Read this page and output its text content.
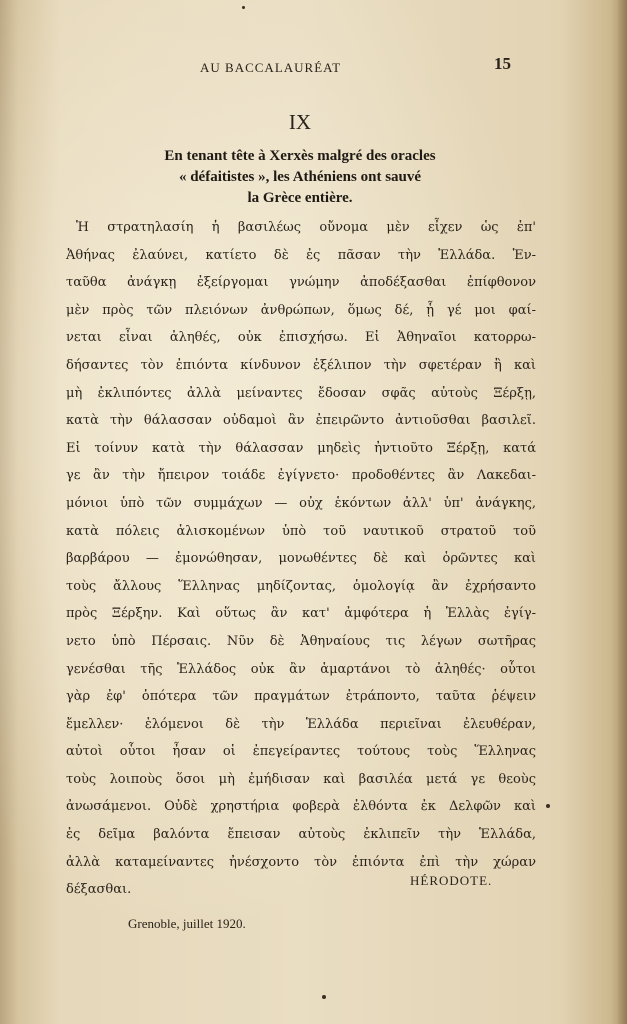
AU BACCALAURÉAT	15
IX
En tenant tête à Xerxès malgré des oracles
« défaitistes », les Athéniens ont sauvé
la Grèce entière.
Ἡ στρατηλασίη ἡ βασιλέως οὔνομα μὲν εἶχεν ὡς ἐπ'
Ἀθήνας ἐλαύνει, κατίετο δὲ ἐς πᾶσαν τὴν Ἑλλάδα. Ἐν-
ταῦθα ἀνάγκῃ ἐξείργομαι γνώμην ἀποδέξασθαι ἐπίφθονον
μὲν πρὸς τῶν πλειόνων ἀνθρώπων, ὅμως δέ, ᾗ γέ μοι φαί-
νεται εἶναι ἀληθές, οὐκ ἐπισχήσω. Εἰ Ἀθηναῖοι κατορρω-
δήσαντες τὸν ἐπιόντα κίνδυνον ἐξέλιπον τὴν σφετέραν ἢ καὶ
μὴ ἐκλιπόντες ἀλλὰ μείναντες ἔδοσαν σφᾶς αὐτοὺς Ξέρξῃ,
κατὰ τὴν θάλασσαν οὐδαμοὶ ἂν ἐπειρῶντο ἀντιοῦσθαι βασιλεῖ.
Εἰ τοίνυν κατὰ τὴν θάλασσαν μηδεὶς ἠντιοῦτο Ξέρξῃ, κατά
γε ἂν τὴν ἤπειρον τοιάδε ἐγίγνετο· προδοθέντες ἂν Λακεδαι-
μόνιοι ὑπὸ τῶν συμμάχων — οὐχ ἑκόντων ἀλλ' ὑπ' ἀνάγκης,
κατὰ πόλεις ἁλισκομένων ὑπὸ τοῦ ναυτικοῦ στρατοῦ τοῦ
βαρβάρου — ἐμονώθησαν, μονωθέντες δὲ καὶ ὁρῶντες καὶ
τοὺς ἄλλους Ἕλληνας μηδίζοντας, ὁμολογίᾳ ἂν ἐχρήσαντο
πρὸς Ξέρξην. Καὶ οὕτως ἂν κατ' ἀμφότερα ἡ Ἑλλὰς ἐγίγ-
νετο ὑπὸ Πέρσαις. Νῦν δὲ Ἀθηναίους τις λέγων σωτῆρας
γενέσθαι τῆς Ἑλλάδος οὐκ ἂν ἁμαρτάνοι τὸ ἀληθές· οὗτοι
γὰρ ἐφ' ὁπότερα τῶν πραγμάτων ἐτράποντο, ταῦτα ῥέψειν
ἔμελλεν· ἑλόμενοι δὲ τὴν Ἑλλάδα περιεῖναι ἐλευθέραν,
αὐτοὶ οὗτοι ἦσαν οἱ ἐπεγείραντες τούτους τοὺς Ἕλληνας
τοὺς λοιποὺς ὅσοι μὴ ἐμήδισαν καὶ βασιλέα μετά γε θεοὺς
ἀνωσάμενοι. Οὐδὲ χρηστήρια φοβερὰ ἐλθόντα ἐκ Δελφῶν καὶ
ἐς δεῖμα βαλόντα ἔπεισαν αὐτοὺς ἐκλιπεῖν τὴν Ἑλλάδα,
ἀλλὰ καταμείναντες ἠνέσχοντο τὸν ἐπιόντα ἐπὶ τὴν χώραν
δέξασθαι.
HÉRODOTE.
Grenoble, juillet 1920.
